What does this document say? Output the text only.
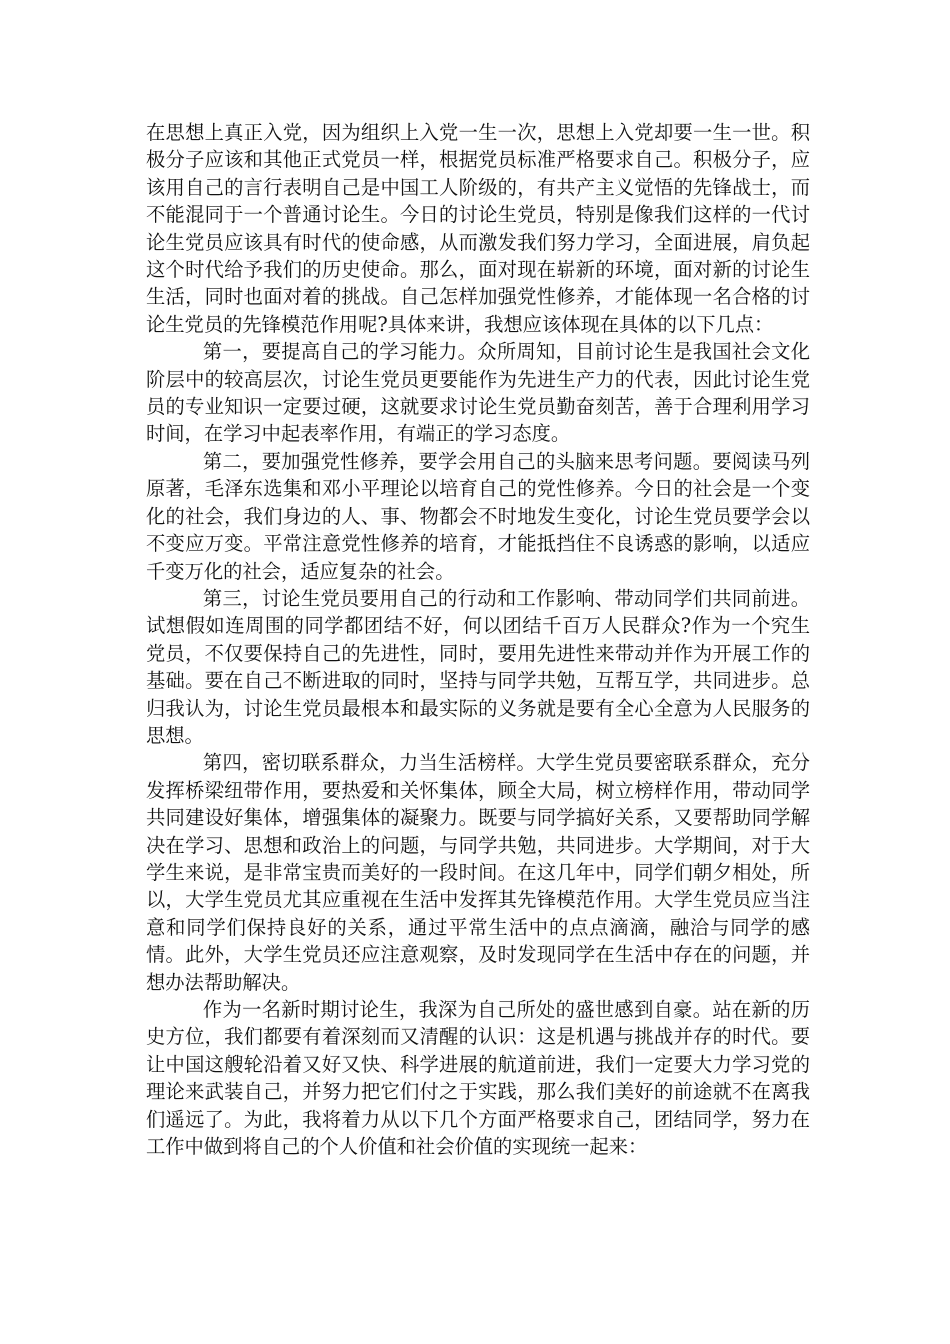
在思想上真正入党，因为组织上入党一生一次，思想上入党却要一生一世。积极分子应该和其他正式党员一样，根据党员标准严格要求自己。积极分子，应该用自己的言行表明自己是中国工人阶级的，有共产主义觉悟的先锋战士，而不能混同于一个普通讨论生。今日的讨论生党员，特别是像我们这样的一代讨论生党员应该具有时代的使命感，从而激发我们努力学习，全面进展，肩负起这个时代给予我们的历史使命。那么，面对现在崭新的环境，面对新的讨论生生活，同时也面对着的挑战。自己怎样加强党性修养，才能体现一名合格的讨论生党员的先锋模范作用呢?具体来讲，我想应该体现在具体的以下几点：

第一，要提高自己的学习能力。众所周知，目前讨论生是我国社会文化阶层中的较高层次，讨论生党员更要能作为先进生产力的代表，因此讨论生党员的专业知识一定要过硬，这就要求讨论生党员勤奋刻苦，善于合理利用学习时间，在学习中起表率作用，有端正的学习态度。

第二，要加强党性修养，要学会用自己的头脑来思考问题。要阅读马列原著，毛泽东选集和邓小平理论以培育自己的党性修养。今日的社会是一个变化的社会，我们身边的人、事、物都会不时地发生变化，讨论生党员要学会以不变应万变。平常注意党性修养的培育，才能抵挡住不良诱惑的影响，以适应千变万化的社会，适应复杂的社会。

第三，讨论生党员要用自己的行动和工作影响、带动同学们共同前进。试想假如连周围的同学都团结不好，何以团结千百万人民群众?作为一个究生党员，不仅要保持自己的先进性，同时，要用先进性来带动并作为开展工作的基础。要在自己不断进取的同时，坚持与同学共勉，互帮互学，共同进步。总归我认为，讨论生党员最根本和最实际的义务就是要有全心全意为人民服务的思想。

第四，密切联系群众，力当生活榜样。大学生党员要密联系群众，充分发挥桥梁纽带作用，要热爱和关怀集体，顾全大局，树立榜样作用，带动同学共同建设好集体，增强集体的凝聚力。既要与同学搞好关系，又要帮助同学解决在学习、思想和政治上的问题，与同学共勉，共同进步。大学期间，对于大学生来说，是非常宝贵而美好的一段时间。在这几年中，同学们朝夕相处，所以，大学生党员尤其应重视在生活中发挥其先锋模范作用。大学生党员应当注意和同学们保持良好的关系，通过平常生活中的点点滴滴，融洽与同学的感情。此外，大学生党员还应注意观察，及时发现同学在生活中存在的问题，并想办法帮助解决。

作为一名新时期讨论生，我深为自己所处的盛世感到自豪。站在新的历史方位，我们都要有着深刻而又清醒的认识：这是机遇与挑战并存的时代。要让中国这艘轮沿着又好又快、科学进展的航道前进，我们一定要大力学习党的理论来武装自己，并努力把它们付之于实践，那么我们美好的前途就不在离我们遥远了。为此，我将着力从以下几个方面严格要求自己，团结同学，努力在工作中做到将自己的个人价值和社会价值的实现统一起来：
